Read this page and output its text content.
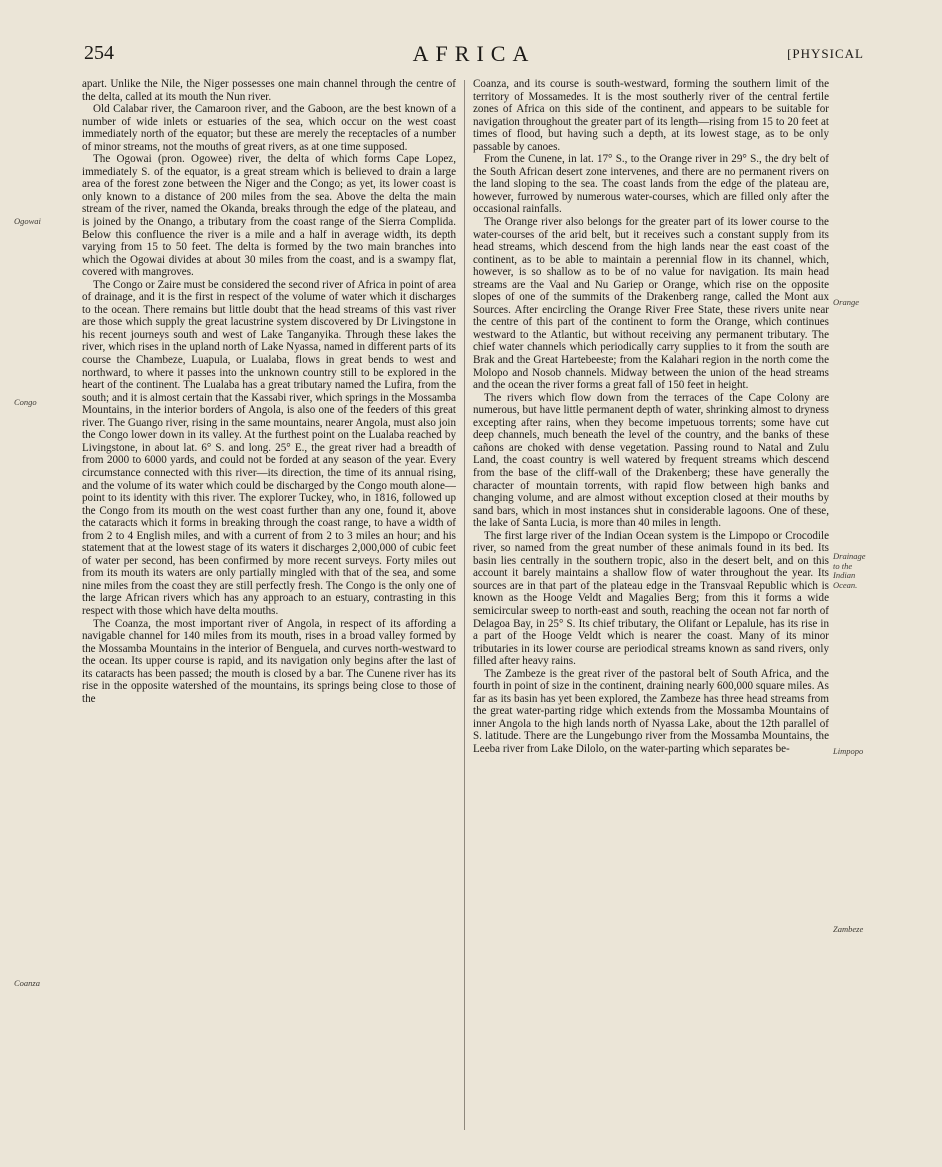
254	AFRICA	[PHYSICAL

apart. Unlike the Nile, the Niger possesses one main channel through the centre of the delta, called at its mouth the Nun river.

Old Calabar river, the Camaroon river, and the Gaboon, are the best known of a number of wide inlets or estuaries of the sea, which occur on the west coast immediately north of the equator; but these are merely the receptacles of a number of minor streams, not the mouths of great rivers, as at one time supposed.

The Ogowai (pron. Ogowee) river, the delta of which forms Cape Lopez, immediately S. of the equator, is a great stream which is believed to drain a large area of the forest zone between the Niger and the Congo; as yet, its lower coast is only known to a distance of 200 miles from the sea. Above the delta the main stream of the river, named the Okanda, breaks through the edge of the plateau, and is joined by the Onango, a tributary from the coast range of the Sierra Complida. Below this confluence the river is a mile and a half in average width, its depth varying from 15 to 50 feet. The delta is formed by the two main branches into which the Ogowai divides at about 30 miles from the coast, and is a swampy flat, covered with mangroves.

The Congo or Zaire must be considered the second river of Africa in point of area of drainage, and it is the first in respect of the volume of water which it discharges to the ocean. There remains but little doubt that the head streams of this vast river are those which supply the great lacustrine system discovered by Dr Livingstone in his recent journeys south and west of Lake Tanganyika. Through these lakes the river, which rises in the upland north of Lake Nyassa, named in different parts of its course the Chambeze, Luapula, or Lualaba, flows in great bends to west and northward, to where it passes into the unknown country still to be explored in the heart of the continent. The Lualaba has a great tributary named the Lufira, from the south; and it is almost certain that the Kassabi river, which springs in the Mossamba Mountains, in the interior borders of Angola, is also one of the feeders of this great river. The Guango river, rising in the same mountains, nearer Angola, must also join the Congo lower down in its valley. At the furthest point on the Lualaba reached by Livingstone, in about lat. 6° S. and long. 25° E., the great river had a breadth of from 2000 to 6000 yards, and could not be forded at any season of the year. Every circumstance connected with this river—its direction, the time of its annual rising, and the volume of its water which could be discharged by the Congo mouth alone—point to its identity with this river. The explorer Tuckey, who, in 1816, followed up the Congo from its mouth on the west coast further than any one, found it, above the cataracts which it forms in breaking through the coast range, to have a width of from 2 to 4 English miles, and with a current of from 2 to 3 miles an hour; and his statement that at the lowest stage of its waters it discharges 2,000,000 of cubic feet of water per second, has been confirmed by more recent surveys. Forty miles out from its mouth its waters are only partially mingled with that of the sea, and some nine miles from the coast they are still perfectly fresh. The Congo is the only one of the large African rivers which has any approach to an estuary, contrasting in this respect with those which have delta mouths.

The Coanza, the most important river of Angola, in respect of its affording a navigable channel for 140 miles from its mouth, rises in a broad valley formed by the Mossamba Mountains in the interior of Benguela, and curves north-westward to the ocean. Its upper course is rapid, and its navigation only begins after the last of its cataracts has been passed; the mouth is closed by a bar. The Cunene river has its rise in the opposite watershed of the mountains, its springs being close to those of the

Coanza, and its course is south-westward, forming the southern limit of the territory of Mossamedes. It is the most southerly river of the central fertile zones of Africa on this side of the continent, and appears to be suitable for navigation throughout the greater part of its length—rising from 15 to 20 feet at times of flood, but having such a depth, at its lowest stage, as to be only passable by canoes.

From the Cunene, in lat. 17° S., to the Orange river in 29° S., the dry belt of the South African desert zone intervenes, and there are no permanent rivers on the land sloping to the sea. The coast lands from the edge of the plateau are, however, furrowed by numerous water-courses, which are filled only after the occasional rainfalls.

The Orange river also belongs for the greater part of its lower course to the water-courses of the arid belt, but it receives such a constant supply from its head streams, which descend from the high lands near the east coast of the continent, as to be able to maintain a perennial flow in its channel, which, however, is so shallow as to be of no value for navigation. Its main head streams are the Vaal and Nu Gariep or Orange, which rise on the opposite slopes of one of the summits of the Drakenberg range, called the Mont aux Sources. After encircling the Orange River Free State, these rivers unite near the centre of this part of the continent to form the Orange, which continues westward to the Atlantic, but without receiving any permanent tributary. The chief water channels which periodically carry supplies to it from the south are Brak and the Great Hartebeeste; from the Kalahari region in the north come the Molopo and Nosob channels. Midway between the union of the head streams and the ocean the river forms a great fall of 150 feet in height.

The rivers which flow down from the terraces of the Cape Colony are numerous, but have little permanent depth of water, shrinking almost to dryness excepting after rains, when they become impetuous torrents; some have cut deep channels, much beneath the level of the country, and the banks of these cañons are choked with dense vegetation. Passing round to Natal and Zulu Land, the coast country is well watered by frequent streams which descend from the base of the cliff-wall of the Drakenberg; these have generally the character of mountain torrents, with rapid flow between high banks and changing volume, and are almost without exception closed at their mouths by sand bars, which in most instances shut in considerable lagoons. One of these, the lake of Santa Lucia, is more than 40 miles in length.

The first large river of the Indian Ocean system is the Limpopo or Crocodile river, so named from the great number of these animals found in its bed. Its basin lies centrally in the southern tropic, also in the desert belt, and on this account it barely maintains a shallow flow of water throughout the year. Its sources are in that part of the plateau edge in the Transvaal Republic which is known as the Hooge Veldt and Magalies Berg; from this it forms a wide semicircular sweep to north-east and south, reaching the ocean not far north of Delagoa Bay, in 25° S. Its chief tributary, the Olifant or Lepalule, has its rise in a part of the Hooge Veldt which is nearer the coast. Many of its minor tributaries in its lower course are periodical streams known as sand rivers, only filled after heavy rains.

The Zambeze is the great river of the pastoral belt of South Africa, and the fourth in point of size in the continent, draining nearly 600,000 square miles. As far as its basin has yet been explored, the Zambeze has three head streams from the great water-parting ridge which extends from the Mossamba Mountains of inner Angola to the high lands north of Nyassa Lake, about the 12th parallel of S. latitude. There are the Lungebungo river from the Mossamba Mountains, the Leeba river from Lake Dilolo, on the water-parting which separates be-

Ogowai
Congo
Coanza
Orange
Drainage to the Indian Ocean.
Limpopo
Zambeze
